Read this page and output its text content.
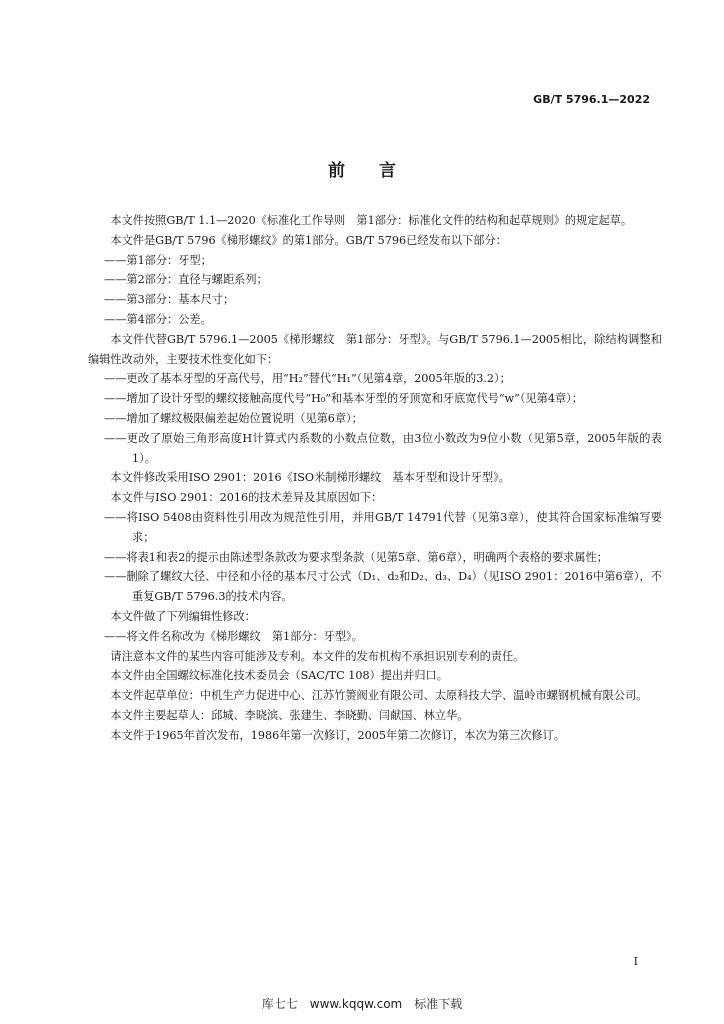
GB/T 5796.1—2022
前言

本文件按照GB/T 1.1—2020《标准化工作导则　第1部分：标准化文件的结构和起草规则》的规定起草。

本文件是GB/T 5796《梯形螺纹》的第1部分。GB/T 5796已经发布以下部分：

——第1部分：牙型；

——第2部分：直径与螺距系列；

——第3部分：基本尺寸；

——第4部分：公差。

本文件代替GB/T 5796.1—2005《梯形螺纹　第1部分：牙型》。与GB/T 5796.1—2005相比，除结构调整和编辑性改动外，主要技术性变化如下：

——更改了基本牙型的牙高代号，用“H₂”替代“H₁”（见第4章，2005年版的3.2）；

——增加了设计牙型的螺纹接触高度代号“H₀”和基本牙型的牙顶宽和牙底宽代号“w”（见第4章）；

——增加了螺纹极限偏差起始位置说明（见第6章）；

——更改了原始三角形高度H计算式内系数的小数点位数，由3位小数改为9位小数（见第5章，2005年版的表1）。

本文件修改采用ISO 2901：2016《ISO米制梯形螺纹　基本牙型和设计牙型》。

本文件与ISO 2901：2016的技术差异及其原因如下：

——将ISO 5408由资料性引用改为规范性引用，并用GB/T 14791代替（见第3章），使其符合国家标准编写要求；

——将表1和表2的提示由陈述型条款改为要求型条款（见第5章、第6章），明确两个表格的要求属性；

——删除了螺纹大径、中径和小径的基本尺寸公式（D₁、d₂和D₂、d₃、D₄）（见ISO 2901：2016中第6章），不重复GB/T 5796.3的技术内容。

本文件做了下列编辑性修改：

——将文件名称改为《梯形螺纹　第1部分：牙型》。

请注意本文件的某些内容可能涉及专利。本文件的发布机构不承担识别专利的责任。

本文件由全国螺纹标准化技术委员会（SAC/TC 108）提出并归口。

本文件起草单位：中机生产力促进中心、江苏竹箦阀业有限公司、太原科技大学、温岭市螺钢机械有限公司。

本文件主要起草人：邱城、李晓滨、张建生、李晓勤、闫献国、林立华。

本文件于1965年首次发布，1986年第一次修订，2005年第二次修订，本次为第三次修订。

I
库七七　www.kqqw.com　标准下载
